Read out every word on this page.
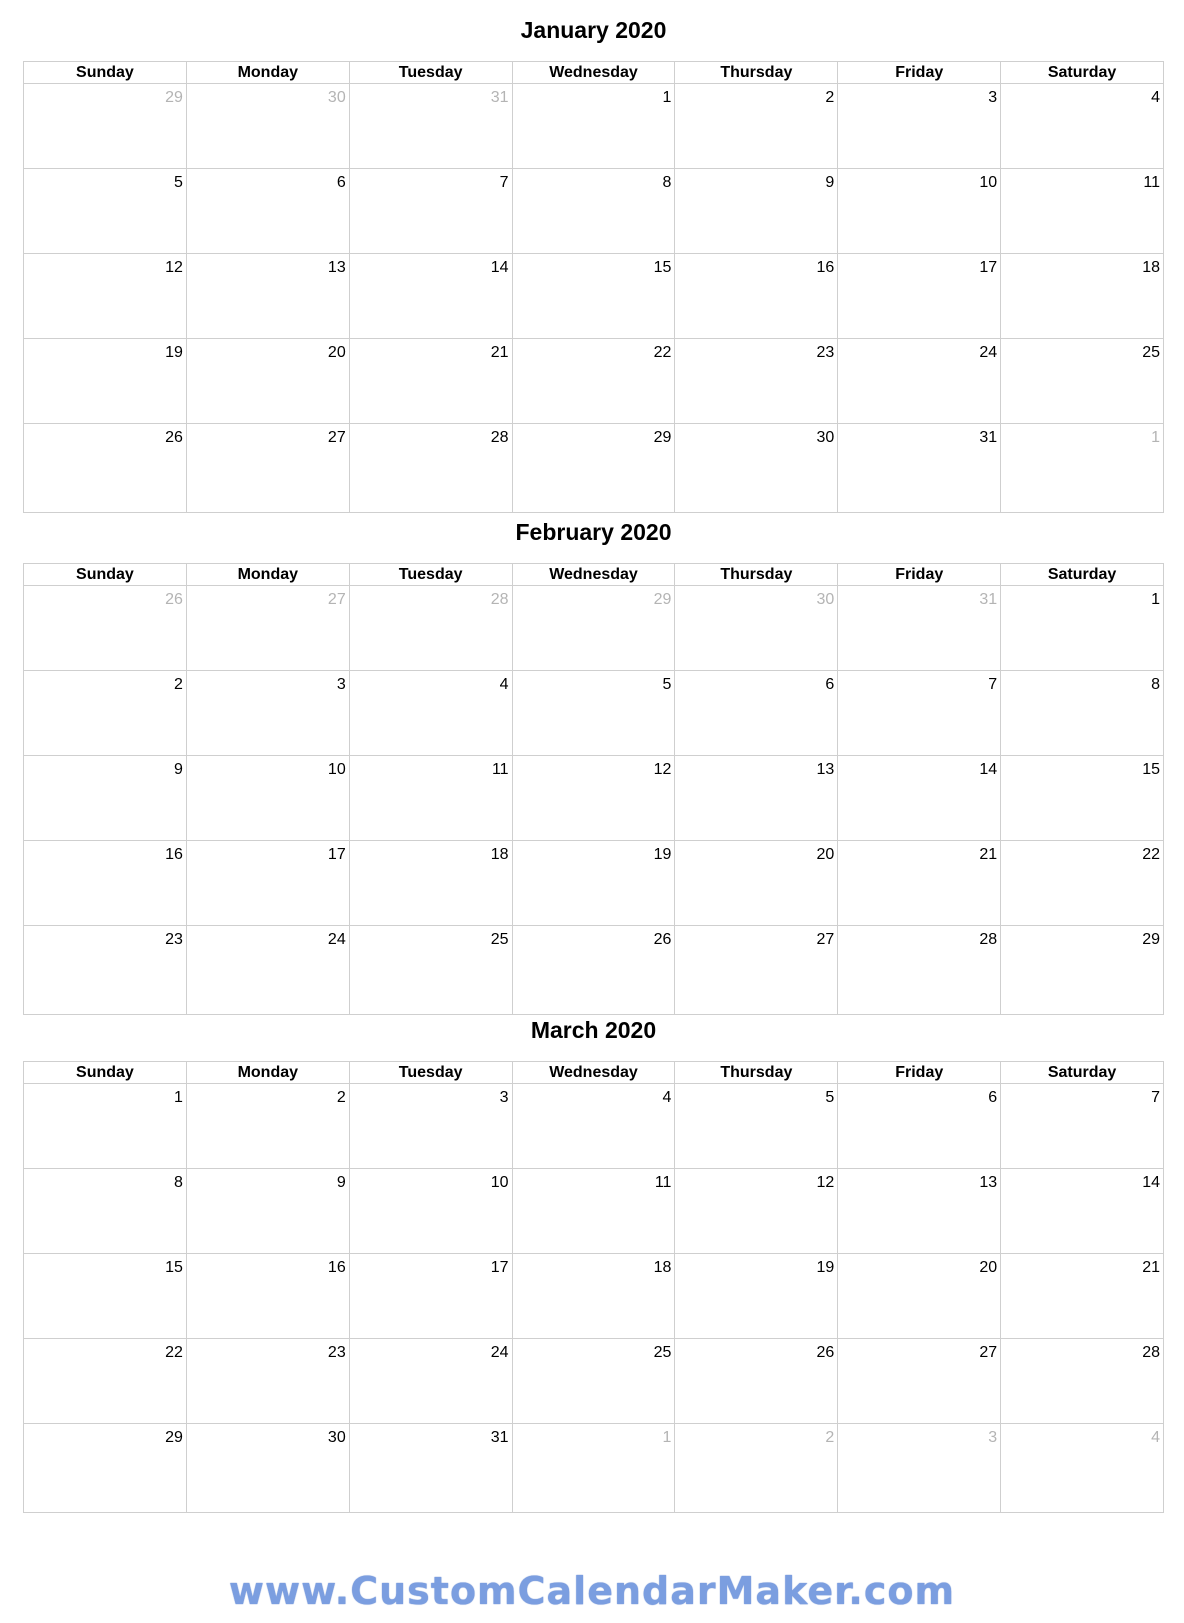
January 2020
Sunday	Monday	Tuesday	Wednesday	Thursday	Friday	Saturday
29	30	31	1	2	3	4
5	6	7	8	9	10	11
12	13	14	15	16	17	18
19	20	21	22	23	24	25
26	27	28	29	30	31	1
February 2020
Sunday	Monday	Tuesday	Wednesday	Thursday	Friday	Saturday
26	27	28	29	30	31	1
2	3	4	5	6	7	8
9	10	11	12	13	14	15
16	17	18	19	20	21	22
23	24	25	26	27	28	29
March 2020
Sunday	Monday	Tuesday	Wednesday	Thursday	Friday	Saturday
1	2	3	4	5	6	7
8	9	10	11	12	13	14
15	16	17	18	19	20	21
22	23	24	25	26	27	28
29	30	31	1	2	3	4
www.CustomCalendarMaker.com
